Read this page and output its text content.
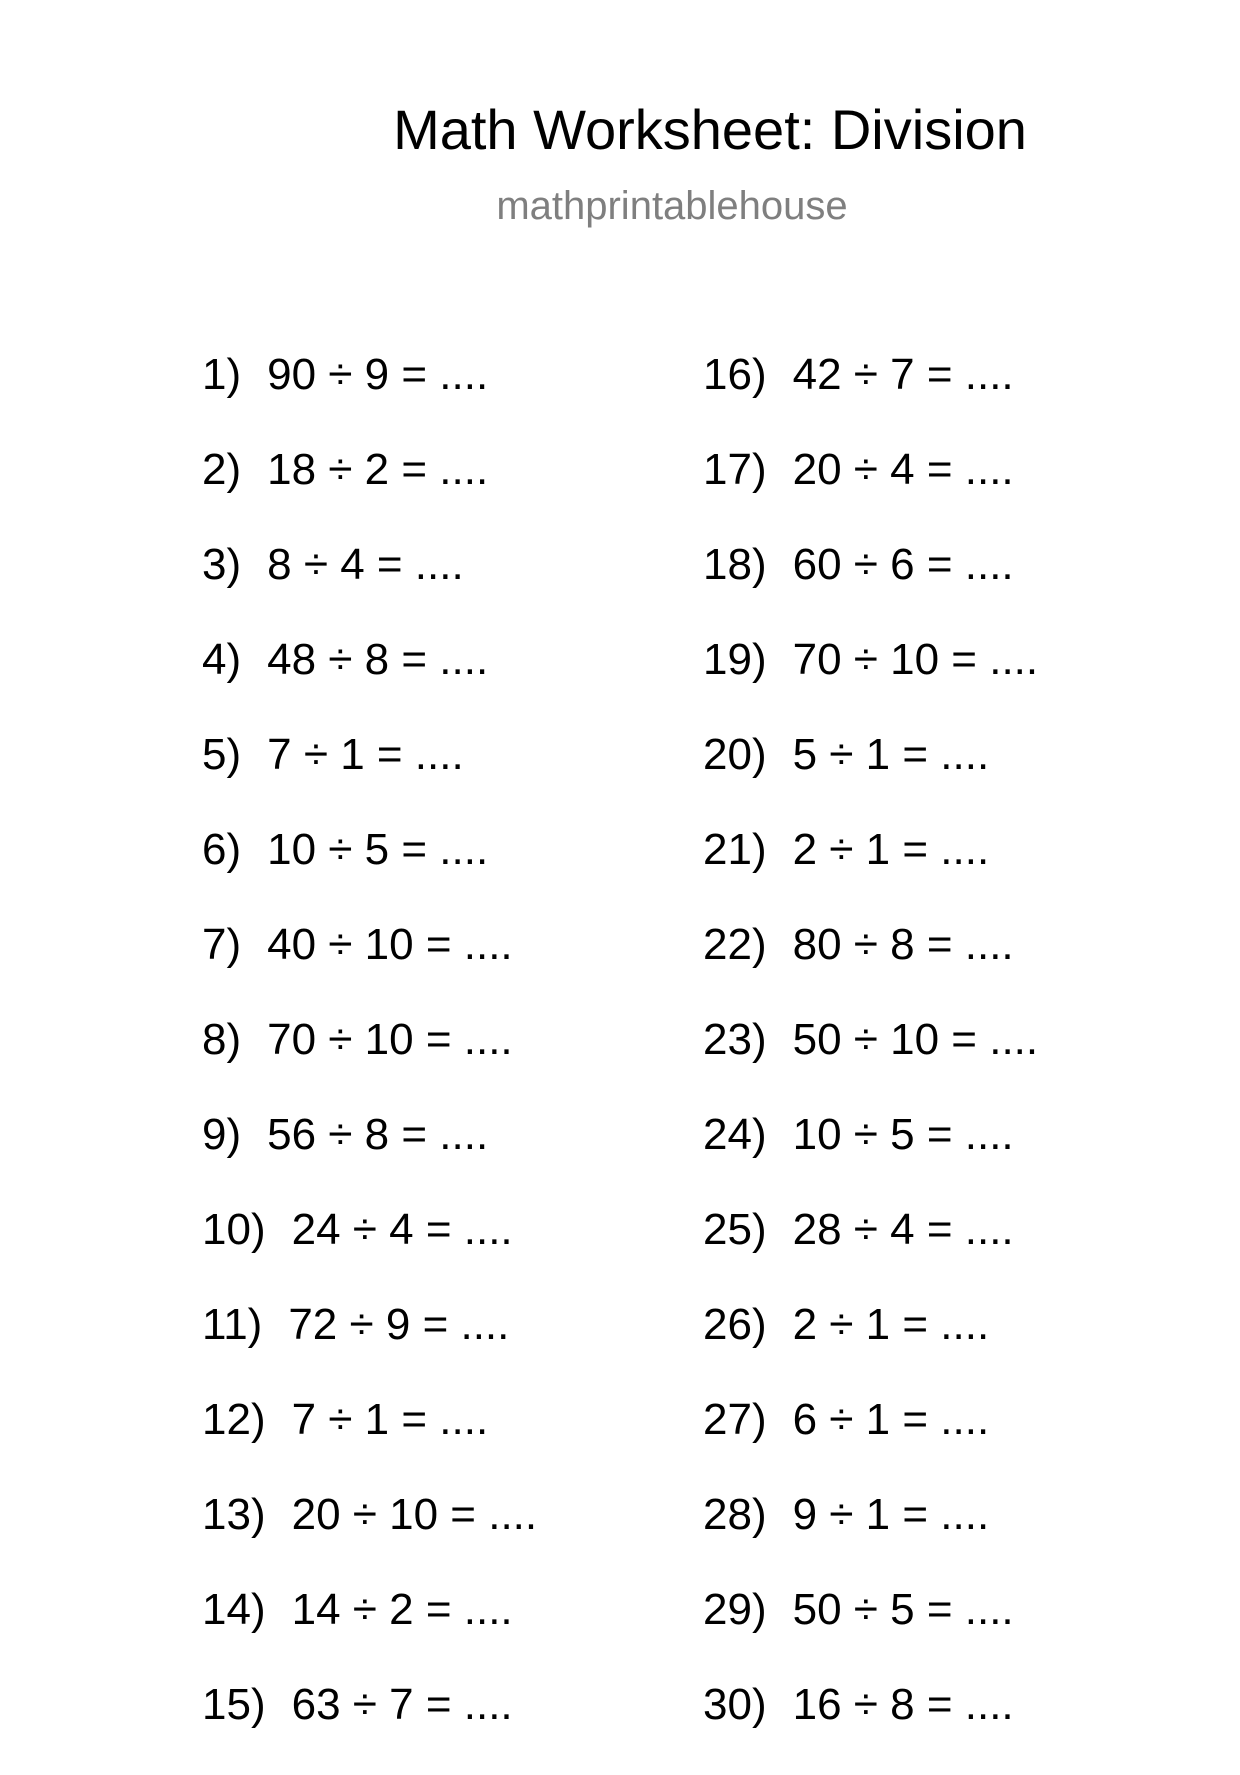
Math Worksheet: Division
mathprintablehouse
1) 90 ÷ 9 = ....
2) 18 ÷ 2 = ....
3) 8 ÷ 4 = ....
4) 48 ÷ 8 = ....
5) 7 ÷ 1 = ....
6) 10 ÷ 5 = ....
7) 40 ÷ 10 = ....
8) 70 ÷ 10 = ....
9) 56 ÷ 8 = ....
10) 24 ÷ 4 = ....
11) 72 ÷ 9 = ....
12) 7 ÷ 1 = ....
13) 20 ÷ 10 = ....
14) 14 ÷ 2 = ....
15) 63 ÷ 7 = ....
16) 42 ÷ 7 = ....
17) 20 ÷ 4 = ....
18) 60 ÷ 6 = ....
19) 70 ÷ 10 = ....
20) 5 ÷ 1 = ....
21) 2 ÷ 1 = ....
22) 80 ÷ 8 = ....
23) 50 ÷ 10 = ....
24) 10 ÷ 5 = ....
25) 28 ÷ 4 = ....
26) 2 ÷ 1 = ....
27) 6 ÷ 1 = ....
28) 9 ÷ 1 = ....
29) 50 ÷ 5 = ....
30) 16 ÷ 8 = ....
